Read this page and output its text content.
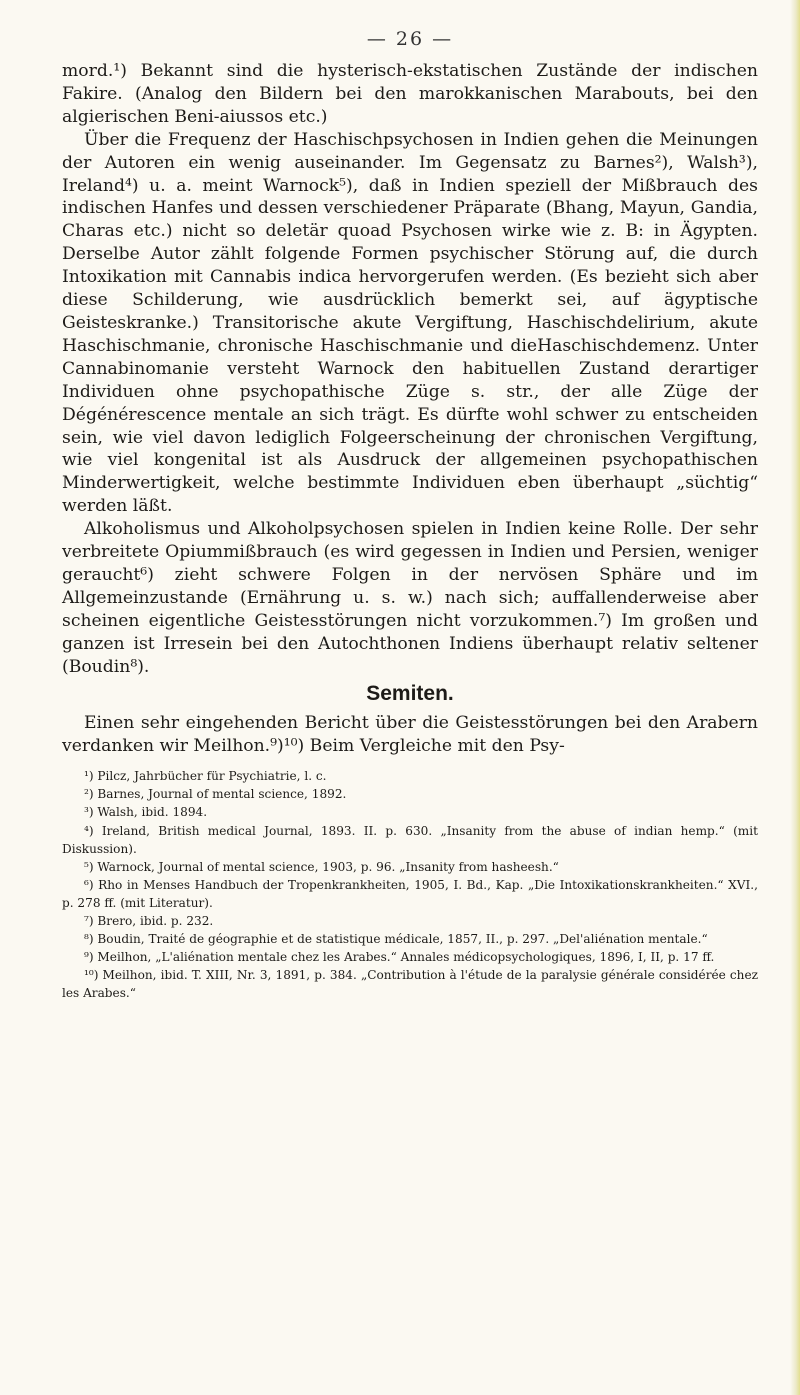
— 26 —

mord.¹) Bekannt sind die hysterisch-ekstatischen Zustände der indischen Fakire. (Analog den Bildern bei den marokkanischen Marabouts, bei den algierischen Beni-aiussos etc.)

Über die Frequenz der Haschischpsychosen in Indien gehen die Meinungen der Autoren ein wenig auseinander. Im Gegensatz zu Barnes²), Walsh³), Ireland⁴) u. a. meint Warnock⁵), daß in Indien speziell der Mißbrauch des indischen Hanfes und dessen verschiedener Präparate (Bhang, Mayun, Gandia, Charas etc.) nicht so deletär quoad Psychosen wirke wie z. B: in Ägypten. Derselbe Autor zählt folgende Formen psychischer Störung auf, die durch Intoxikation mit Cannabis indica hervorgerufen werden. (Es bezieht sich aber diese Schilderung, wie ausdrücklich bemerkt sei, auf ägyptische Geisteskranke.) Transitorische akute Vergiftung, Haschischdelirium, akute Haschischmanie, chronische Haschischmanie und dieHaschischdemenz. Unter Cannabinomanie versteht Warnock den habituellen Zustand derartiger Individuen ohne psychopathische Züge s. str., der alle Züge der Dégénérescence mentale an sich trägt. Es dürfte wohl schwer zu entscheiden sein, wie viel davon lediglich Folgeerscheinung der chronischen Vergiftung, wie viel kongenital ist als Ausdruck der allgemeinen psychopathischen Minderwertigkeit, welche bestimmte Individuen eben überhaupt „süchtig“ werden läßt.

Alkoholismus und Alkoholpsychosen spielen in Indien keine Rolle. Der sehr verbreitete Opiummißbrauch (es wird gegessen in Indien und Persien, weniger geraucht⁶) zieht schwere Folgen in der nervösen Sphäre und im Allgemeinzustande (Ernährung u. s. w.) nach sich; auffallenderweise aber scheinen eigentliche Geistesstörungen nicht vorzukommen.⁷) Im großen und ganzen ist Irresein bei den Autochthonen Indiens überhaupt relativ seltener (Boudin⁸).

Semiten.

Einen sehr eingehenden Bericht über die Geistesstörungen bei den Arabern verdanken wir Meilhon.⁹)¹⁰) Beim Vergleiche mit den Psy-

¹) Pilcz, Jahrbücher für Psychiatrie, l. c.

²) Barnes, Journal of mental science, 1892.

³) Walsh, ibid. 1894.

⁴) Ireland, British medical Journal, 1893. II. p. 630. „Insanity from the abuse of indian hemp.“ (mit Diskussion).

⁵) Warnock, Journal of mental science, 1903, p. 96. „Insanity from hasheesh.“

⁶) Rho in Menses Handbuch der Tropenkrankheiten, 1905, I. Bd., Kap. „Die Intoxikationskrankheiten.“ XVI., p. 278 ff. (mit Literatur).

⁷) Brero, ibid. p. 232.

⁸) Boudin, Traité de géographie et de statistique médicale, 1857, II., p. 297. „Del'aliénation mentale.“

⁹) Meilhon, „L'aliénation mentale chez les Arabes.“ Annales médicopsychologiques, 1896, I, II, p. 17 ff.

¹⁰) Meilhon, ibid. T. XIII, Nr. 3, 1891, p. 384. „Contribution à l'étude de la paralysie générale considérée chez les Arabes.“
